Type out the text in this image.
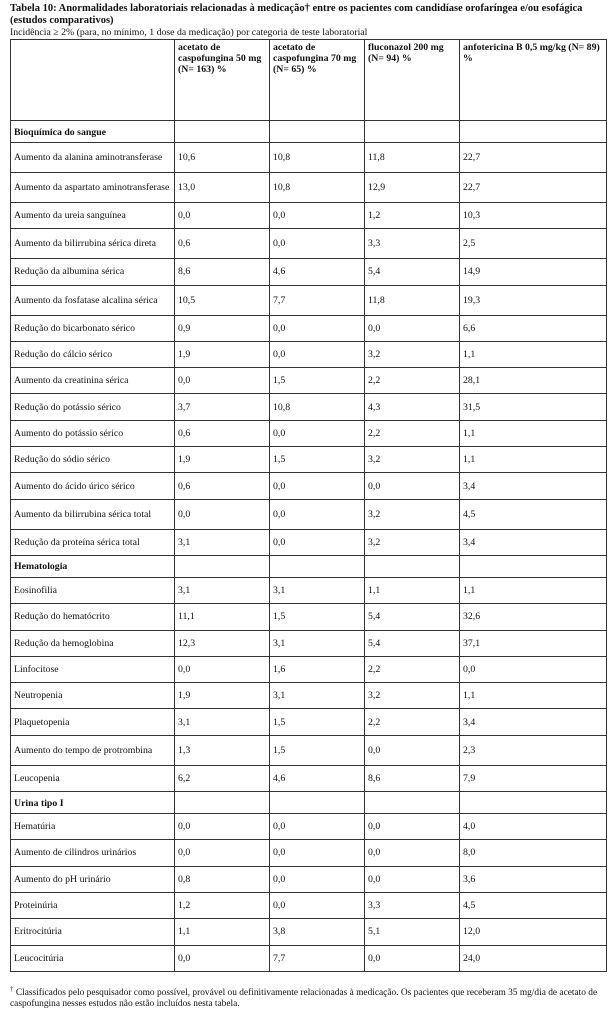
Tabela 10: Anormalidades laboratoriais relacionadas à medicação† entre os pacientes com candidíase orofaríngea e/ou esofágica (estudos comparativos)
Incidência ≥ 2% (para, no mínimo, 1 dose da medicação) por categoria de teste laboratorial
	acetato de caspofungina 50 mg (N= 163) %	acetato de caspofungina 70 mg (N= 65) %	fluconazol 200 mg (N= 94) %	anfotericina B 0,5 mg/kg (N= 89) %
Bioquímica do sangue				
Aumento da alanina aminotransferase	10,6	10,8	11,8	22,7
Aumento da aspartato aminotransferase	13,0	10,8	12,9	22,7
Aumento da ureia sanguínea	0,0	0,0	1,2	10,3
Aumento da bilirrubina sérica direta	0,6	0,0	3,3	2,5
Redução da albumina sérica	8,6	4,6	5,4	14,9
Aumento da fosfatase alcalina sérica	10,5	7,7	11,8	19,3
Redução do bicarbonato sérico	0,9	0,0	0,0	6,6
Redução do cálcio sérico	1,9	0,0	3,2	1,1
Aumento da creatinina sérica	0,0	1,5	2,2	28,1
Redução do potássio sérico	3,7	10,8	4,3	31,5
Aumento do potássio sérico	0,6	0,0	2,2	1,1
Redução do sódio sérico	1,9	1,5	3,2	1,1
Aumento do ácido úrico sérico	0,6	0,0	0,0	3,4
Aumento da bilirrubina sérica total	0,0	0,0	3,2	4,5
Redução da proteína sérica total	3,1	0,0	3,2	3,4
Hematologia				
Eosinofilia	3,1	3,1	1,1	1,1
Redução do hematócrito	11,1	1,5	5,4	32,6
Redução da hemoglobina	12,3	3,1	5,4	37,1
Linfocitose	0,0	1,6	2,2	0,0
Neutropenia	1,9	3,1	3,2	1,1
Plaquetopenia	3,1	1,5	2,2	3,4
Aumento do tempo de protrombina	1,3	1,5	0,0	2,3
Leucopenia	6,2	4,6	8,6	7,9
Urina tipo I				
Hematúria	0,0	0,0	0,0	4,0
Aumento de cilindros urinários	0,0	0,0	0,0	8,0
Aumento do pH urinário	0,8	0,0	0,0	3,6
Proteinúria	1,2	0,0	3,3	4,5
Eritrocitúria	1,1	3,8	5,1	12,0
Leucocitúria	0,0	7,7	0,0	24,0
† Classificados pelo pesquisador como possível, provável ou definitivamente relacionadas à medicação. Os pacientes que receberam 35 mg/dia de acetato de caspofungina nesses estudos não estão incluídos nesta tabela.
